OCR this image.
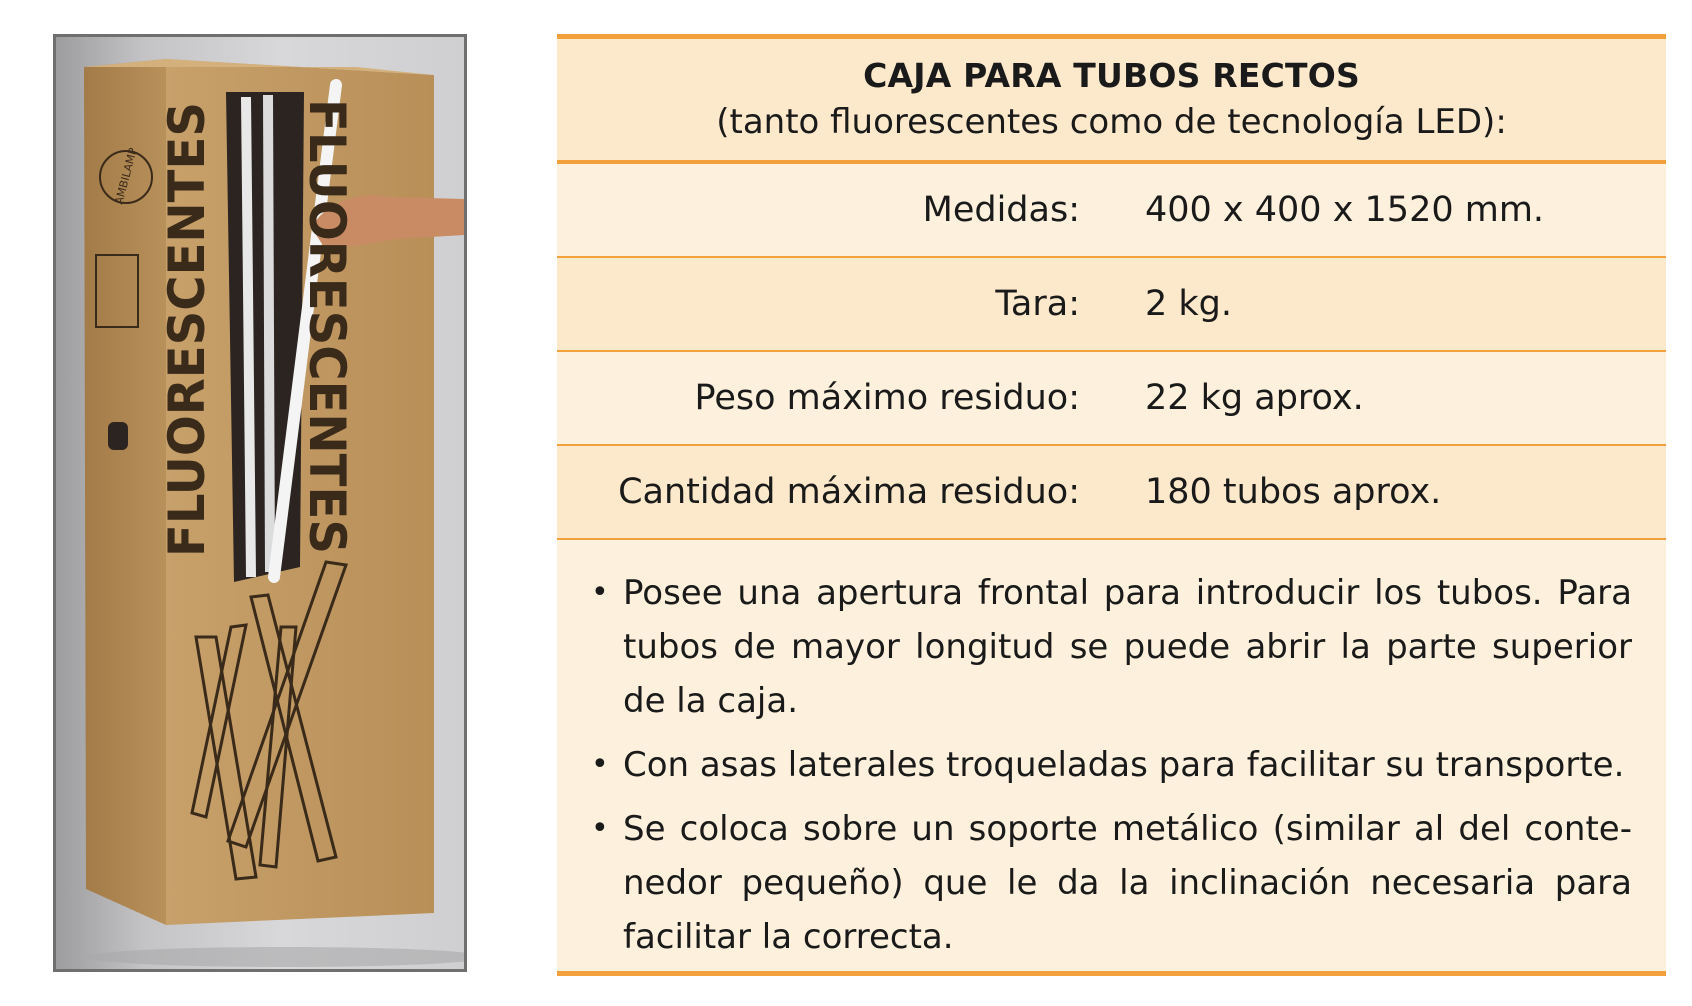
FLUORESCENTES FLUORESCENTES
AMBILAMP
CAJA PARA TUBOS RECTOS
(tanto fluorescentes como de tecnología LED):
Medidas:	400 x 400 x 1520 mm.
Tara:	2 kg.
Peso máximo residuo:	22 kg aprox.
Cantidad máxima residuo:	180 tubos aprox.
• Posee una apertura frontal para introducir los tubos. Para tubos de mayor longitud se puede abrir la parte superior de la caja.
• Con asas laterales troqueladas para facilitar su transporte.
• Se coloca sobre un soporte metálico (similar al del conte- nedor pequeño) que le da la inclinación necesaria para facilitar la correcta.
